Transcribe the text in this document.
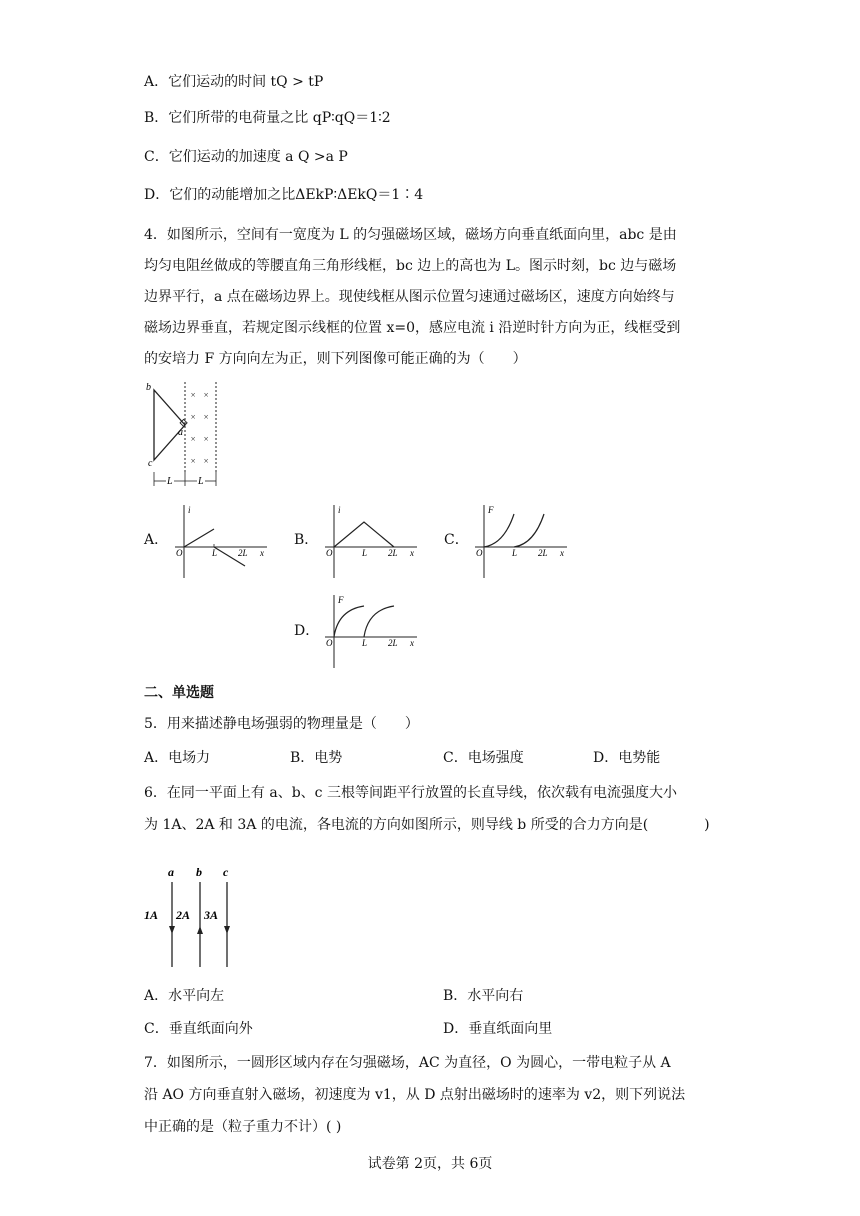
A．它们运动的时间 tQ > tP
B．它们所带的电荷量之比 qP∶qQ＝1∶2
C．它们运动的加速度 a Q >a P
D．它们的动能增加之比ΔEkP∶ΔEkQ＝1∶4
4．如图所示，空间有一宽度为 L 的匀强磁场区域，磁场方向垂直纸面向里，abc 是由
均匀电阻丝做成的等腰直角三角形线框，bc 边上的高也为 L。图示时刻，bc 边与磁场
边界平行，a 点在磁场边界上。现使线框从图示位置匀速通过磁场区，速度方向始终与
磁场边界垂直，若规定图示线框的位置 x=0，感应电流 i 沿逆时针方向为正，线框受到
的安培力 F 方向向左为正，则下列图像可能正确的为（　　）
× ×
× ×
× ×
× ×
b
a
c
L	L
A．	B．	C．
D．
i
O	L 2L x
i
O	L 2L x
F
O	L 2L x
F
O	L 2L x
二、单选题
5．用来描述静电场强弱的物理量是（　　）
A．电场力	B．电势	C．电场强度	D．电势能
6．在同一平面上有 a、b、c 三根等间距平行放置的长直导线，依次载有电流强度大小
为 1A、2A 和 3A 的电流，各电流的方向如图所示，则导线 b 所受的合力方向是(　　　　)
a b c
1A 2A 3A
A．水平向左	B．水平向右
C．垂直纸面向外	D．垂直纸面向里
7．如图所示，一圆形区域内存在匀强磁场，AC 为直径，O 为圆心，一带电粒子从 A
沿 AO 方向垂直射入磁场，初速度为 v1，从 D 点射出磁场时的速率为 v2，则下列说法
中正确的是（粒子重力不计）( )
试卷第 2页，共 6页
